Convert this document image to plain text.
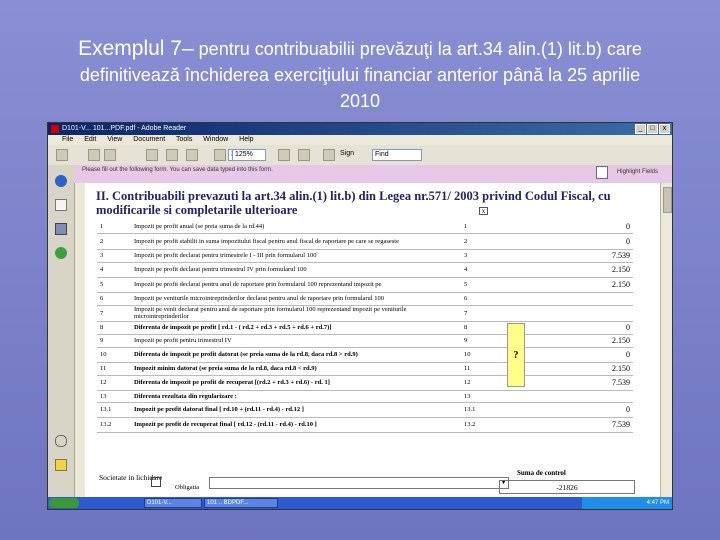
Exemplul 7– pentru contribuabilii prevăzuţi la art.34 alin.(1) lit.b) care
definitivează închiderea exerciţiului financiar anterior până la 25 aprilie
2010
D101-V... 101...PDF.pdf - Adobe Reader	_	□	x
File Edit View Document Tools Window Help
125%	Sign	Find
Please fill out the following form. You can save data typed into this form.	Highlight Fields
II. Contribuabili prevazuti la art.34 alin.(1) lit.b) din Legea nr.571/ 2003 privind Codul Fiscal, cu modificarile si completarile ulterioare	x
1	Impozit pe profit anual (se preia suma de la rd.44)	1	0
2	Impozit pe profit stabilit in suma impozitului fiscal pentru anul fiscal de raportare pe care se regaseste	2	0
3	Impozit pe profit declarat pentru trimestrele I - III prin formularul 100	3	7.539
4	Impozit pe profit declarat pentru trimestrul IV prin formularul 100	4	2.150
5	Impozit pe profit declarat pentru anul de raportare prin formularul 100 reprezentand impozit pe	5	2.150
6	Impozit pe veniturile microintreprinderilor declarat pentru anul de raportare prin formularul 100	6	
7	Impozit pe venit declarat pentru anul de raportare prin formularul 100 reprezentand impozit pe veniturile microintreprinderilor	7	
8	Diferenta de impozit pe profit [ rd.1 - ( rd.2 + rd.3 + rd.5 + rd.6 + rd.7)]	8	0
9	Impozit pe profit pentru trimestrul IV	9	2.150
10	Diferenta de impozit pe profit datorat (se preia suma de la rd.8, daca rd.8 > rd.9)	10	0
11	Impozit minim datorat (se preia suma de la rd.8, daca rd.8 < rd.9)	11	2.150
12	Diferenta de impozit pe profit de recuperat [(rd.2 + rd.3 + rd.6) - rd. 1]	12	7.539
13	Diferenta rezultata din regularizare :	13	
13.1	Impozit pe profit datorat final [ rd.10 + (rd.11 - rd.4) - rd.12 ]	13.1	0
13.2	Impozit pe profit de recuperat final [ rd.12 - (rd.11 - rd.4) - rd.10 ]	13.2	7.539
?
Societate in lichidare
Obligatia
▼
Suma de control
-21826
D101-V...	101 .. BDPDF...	4:47 PM
